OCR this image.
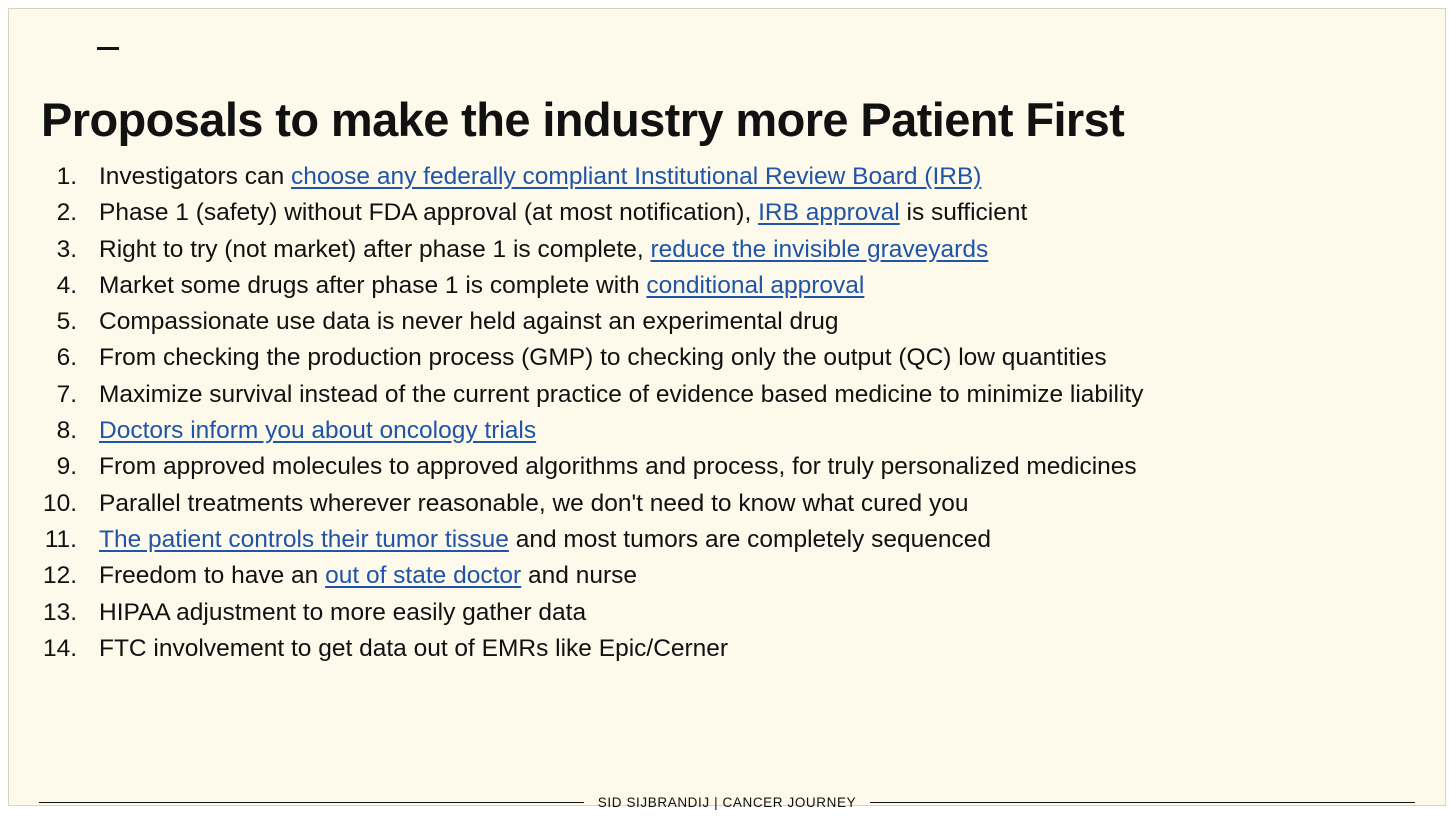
Proposals to make the industry more Patient First
1. Investigators can choose any federally compliant Institutional Review Board (IRB)
2. Phase 1 (safety) without FDA approval (at most notification), IRB approval is sufficient
3. Right to try (not market) after phase 1 is complete, reduce the invisible graveyards
4. Market some drugs after phase 1 is complete with conditional approval
5. Compassionate use data is never held against an experimental drug
6. From checking the production process (GMP) to checking only the output (QC) low quantities
7. Maximize survival instead of the current practice of evidence based medicine to minimize liability
8. Doctors inform you about oncology trials
9. From approved molecules to approved algorithms and process, for truly personalized medicines
10. Parallel treatments wherever reasonable, we don't need to know what cured you
11. The patient controls their tumor tissue and most tumors are completely sequenced
12. Freedom to have an out of state doctor and nurse
13. HIPAA adjustment to more easily gather data
14. FTC involvement to get data out of EMRs like Epic/Cerner
SID SIJBRANDIJ | CANCER JOURNEY
